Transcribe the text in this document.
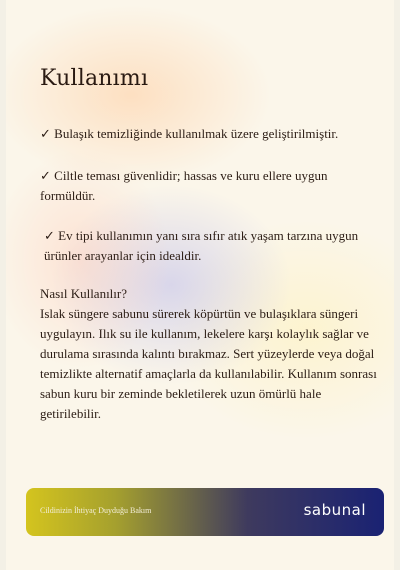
Kullanımı

✓ Bulaşık temizliğinde kullanılmak üzere geliştirilmiştir.

✓ Ciltle teması güvenlidir; hassas ve kuru ellere uygun formüldür.

✓ Ev tipi kullanımın yanı sıra sıfır atık yaşam tarzına uygun ürünler arayanlar için idealdir.

Nasıl Kullanılır?

Islak süngere sabunu sürerek köpürtün ve bulaşıklara süngeri uygulayın. Ilık su ile kullanım, lekelere karşı kolaylık sağlar ve durulama sırasında kalıntı bırakmaz. Sert yüzeylerde veya doğal temizlikte alternatif amaçlarla da kullanılabilir. Kullanım sonrası sabun kuru bir zeminde bekletilerek uzun ömürlü hale getirilebilir.

Cildinizin İhtiyaç Duyduğu Bakım	sabunal
